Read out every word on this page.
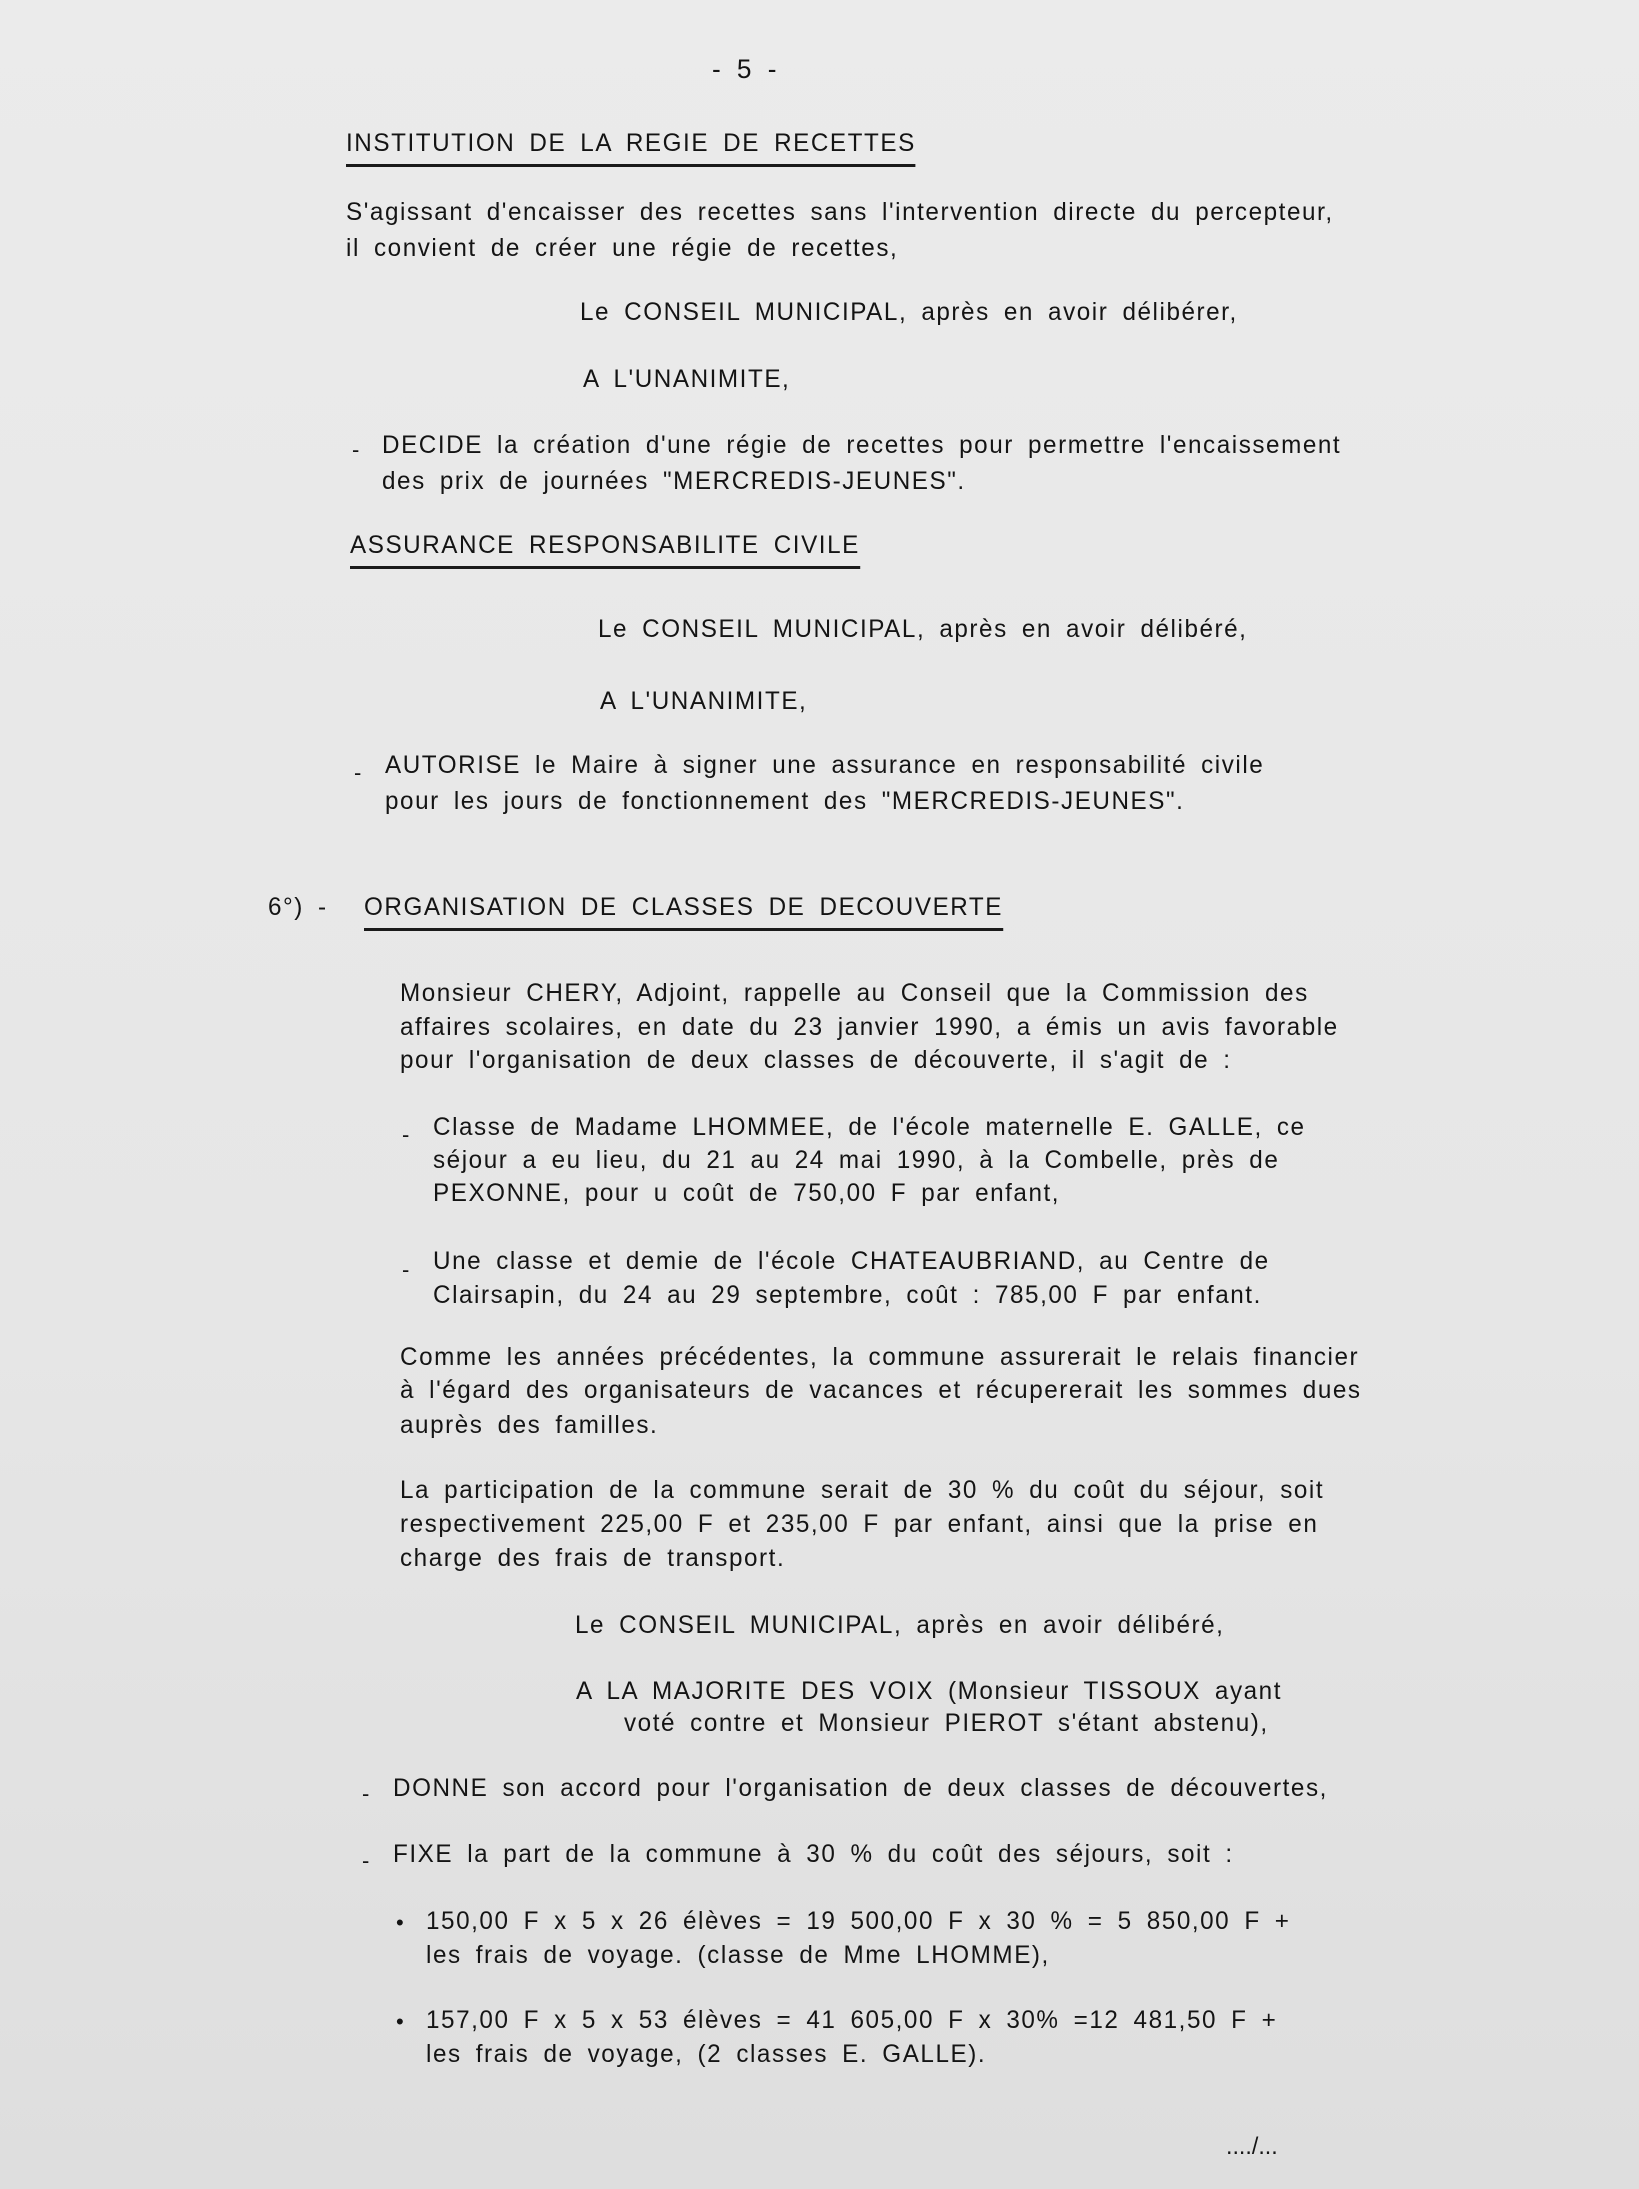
- 5 -
INSTITUTION DE LA REGIE DE RECETTES
S'agissant d'encaisser des recettes sans l'intervention directe du percepteur,
il convient de créer une régie de recettes,
Le CONSEIL MUNICIPAL, après en avoir délibérer,
A L'UNANIMITE,
- DECIDE la création d'une régie de recettes pour permettre l'encaissement
des prix de journées "MERCREDIS-JEUNES".
ASSURANCE RESPONSABILITE CIVILE
Le CONSEIL MUNICIPAL, après en avoir délibéré,
A L'UNANIMITE,
- AUTORISE le Maire à signer une assurance en responsabilité civile
pour les jours de fonctionnement des "MERCREDIS-JEUNES".
6°) - ORGANISATION DE CLASSES DE DECOUVERTE
Monsieur CHERY, Adjoint, rappelle au Conseil que la Commission des
affaires scolaires, en date du 23 janvier 1990, a émis un avis favorable
pour l'organisation de deux classes de découverte, il s'agit de :
- Classe de Madame LHOMMEE, de l'école maternelle E. GALLE, ce
séjour a eu lieu, du 21 au 24 mai 1990, à la Combelle, près de
PEXONNE, pour u coût de 750,00 F par enfant,
- Une classe et demie de l'école CHATEAUBRIAND, au Centre de
Clairsapin, du 24 au 29 septembre, coût : 785,00 F par enfant.
Comme les années précédentes, la commune assurerait le relais financier
à l'égard des organisateurs de vacances et récupererait les sommes dues
auprès des familles.
La participation de la commune serait de 30 % du coût du séjour, soit
respectivement 225,00 F et 235,00 F par enfant, ainsi que la prise en
charge des frais de transport.
Le CONSEIL MUNICIPAL, après en avoir délibéré,
A LA MAJORITE DES VOIX (Monsieur TISSOUX ayant
voté contre et Monsieur PIEROT s'étant abstenu),
- DONNE son accord pour l'organisation de deux classes de découvertes,
- FIXE la part de la commune à 30 % du coût des séjours, soit :
• 150,00 F x 5 x 26 élèves = 19 500,00 F x 30 % = 5 850,00 F +
les frais de voyage. (classe de Mme LHOMME),
• 157,00 F x 5 x 53 élèves = 41 605,00 F x 30% =12 481,50 F +
les frais de voyage, (2 classes E. GALLE).
..../...
